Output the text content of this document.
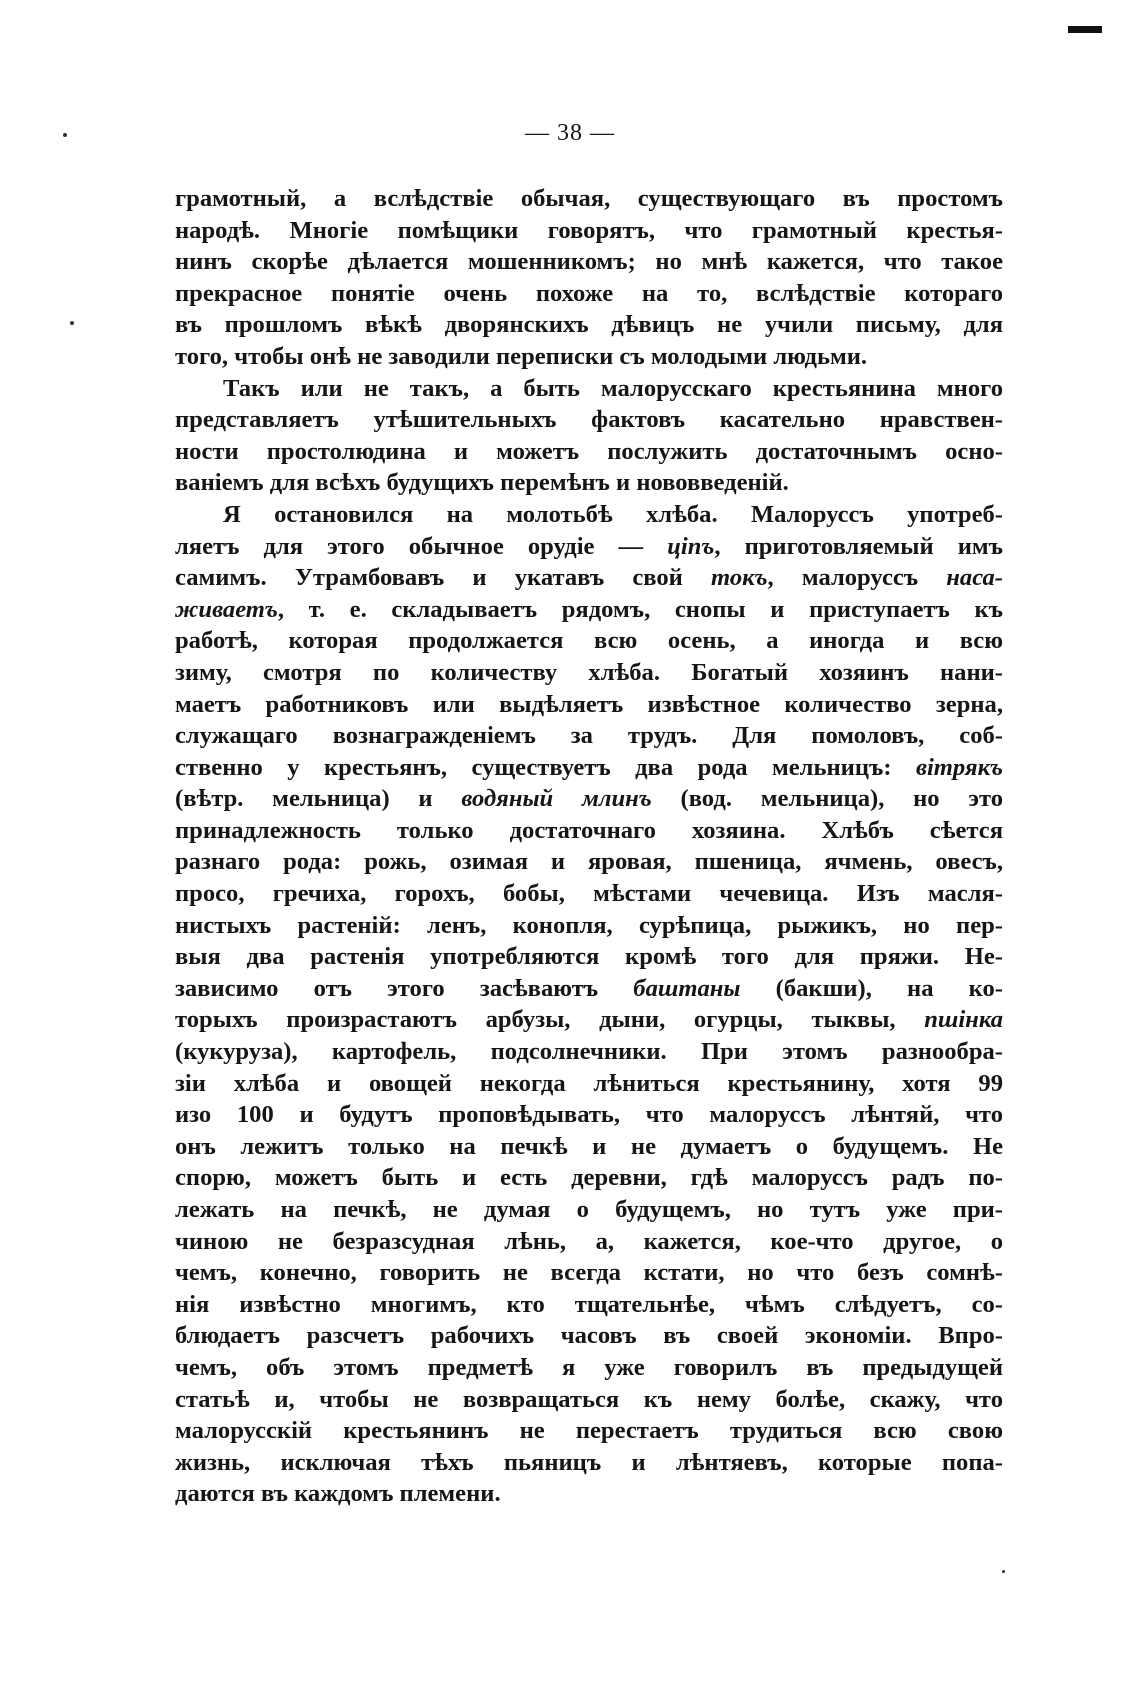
— 38 —
грамотный, а вслѣдствіе обычая, существующаго въ простомъ
народѣ. Многіе помѣщики говорятъ, что грамотный крестья-
нинъ скорѣе дѣлается мошенникомъ; но мнѣ кажется, что такое
прекрасное понятіе очень похоже на то, вслѣдствіе котораго
въ прошломъ вѣкѣ дворянскихъ дѣвицъ не учили письму, для
того, чтобы онѣ не заводили переписки съ молодыми людьми.
Такъ или не такъ, а быть малорусскаго крестьянина много
представляетъ утѣшительныхъ фактовъ касательно нравствен-
ности простолюдина и можетъ послужить достаточнымъ осно-
ваніемъ для всѣхъ будущихъ перемѣнъ и нововведеній.
Я остановился на молотьбѣ хлѣба. Малоруссъ употреб-
ляетъ для этого обычное орудіе — ціпъ, приготовляемый имъ
самимъ. Утрамбовавъ и укатавъ свой токъ, малоруссъ наса-
живаетъ, т. е. складываетъ рядомъ, снопы и приступаетъ къ
работѣ, которая продолжается всю осень, а иногда и всю
зиму, смотря по количеству хлѣба. Богатый хозяинъ нани-
маетъ работниковъ или выдѣляетъ извѣстное количество зерна,
служащаго вознагражденіемъ за трудъ. Для помоловъ, соб-
ственно у крестьянъ, существуетъ два рода мельницъ: вітрякъ
(вѣтр. мельница) и водяный млинъ (вод. мельница), но это
принадлежность только достаточнаго хозяина. Хлѣбъ сѣется
разнаго рода: рожь, озимая и яровая, пшеница, ячмень, овесъ,
просо, гречиха, горохъ, бобы, мѣстами чечевица. Изъ масля-
нистыхъ растеній: ленъ, конопля, сурѣпица, рыжикъ, но пер-
выя два растенія употребляются кромѣ того для пряжи. Не-
зависимо отъ этого засѣваютъ баштаны (бакши), на ко-
торыхъ произрастаютъ арбузы, дыни, огурцы, тыквы, пшінка
(кукуруза), картофель, подсолнечники. При этомъ разнообра-
зіи хлѣба и овощей некогда лѣниться крестьянину, хотя 99
изо 100 и будутъ проповѣдывать, что малоруссъ лѣнтяй, что
онъ лежитъ только на печкѣ и не думаетъ о будущемъ. Не
спорю, можетъ быть и есть деревни, гдѣ малоруссъ радъ по-
лежать на печкѣ, не думая о будущемъ, но тутъ уже при-
чиною не безразсудная лѣнь, а, кажется, кое-что другое, о
чемъ, конечно, говорить не всегда кстати, но что безъ сомнѣ-
нія извѣстно многимъ, кто тщательнѣе, чѣмъ слѣдуетъ, со-
блюдаетъ разсчетъ рабочихъ часовъ въ своей экономіи. Впро-
чемъ, объ этомъ предметѣ я уже говорилъ въ предыдущей
статьѣ и, чтобы не возвращаться къ нему болѣе, скажу, что
малорусскій крестьянинъ не перестаетъ трудиться всю свою
жизнь, исключая тѣхъ пьяницъ и лѣнтяевъ, которые попа-
даются въ каждомъ племени.
